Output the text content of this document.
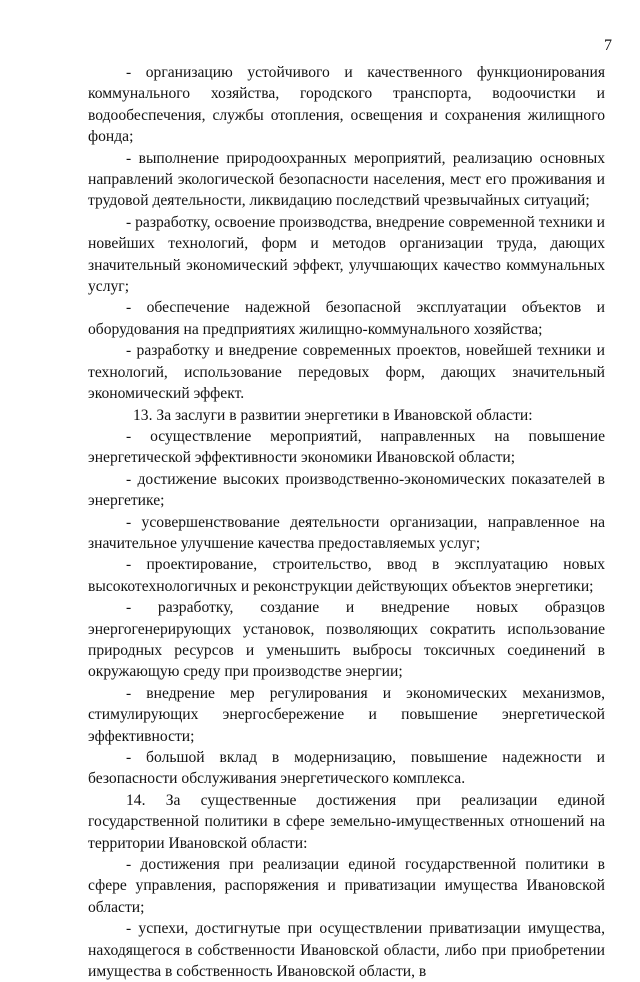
7

- организацию устойчивого и качественного функционирования коммунального хозяйства, городского транспорта, водоочистки и водообеспечения, службы отопления, освещения и сохранения жилищного фонда;

- выполнение природоохранных мероприятий, реализацию основных направлений экологической безопасности населения, мест его проживания и трудовой деятельности, ликвидацию последствий чрезвычайных ситуаций;

- разработку, освоение производства, внедрение современной техники и новейших технологий, форм и методов организации труда, дающих значительный экономический эффект, улучшающих качество коммунальных услуг;

- обеспечение надежной безопасной эксплуатации объектов и оборудования на предприятиях жилищно-коммунального хозяйства;

- разработку и внедрение современных проектов, новейшей техники и технологий, использование передовых форм, дающих значительный экономический эффект.

13. За заслуги в развитии энергетики в Ивановской области:

- осуществление мероприятий, направленных на повышение энергетической эффективности экономики Ивановской области;

- достижение высоких производственно-экономических показателей в энергетике;

- усовершенствование деятельности организации, направленное на значительное улучшение качества предоставляемых услуг;

- проектирование, строительство, ввод в эксплуатацию новых высокотехнологичных и реконструкции действующих объектов энергетики;

- разработку, создание и внедрение новых образцов энергогенерирующих установок, позволяющих сократить использование природных ресурсов и уменьшить выбросы токсичных соединений в окружающую среду при производстве энергии;

- внедрение мер регулирования и экономических механизмов, стимулирующих энергосбережение и повышение энергетической эффективности;

- большой вклад в модернизацию, повышение надежности и безопасности обслуживания энергетического комплекса.

14. За существенные достижения при реализации единой государственной политики в сфере земельно-имущественных отношений на территории Ивановской области:

- достижения при реализации единой государственной политики в сфере управления, распоряжения и приватизации имущества Ивановской области;

- успехи, достигнутые при осуществлении приватизации имущества, находящегося в собственности Ивановской области, либо при приобретении имущества в собственность Ивановской области, в
